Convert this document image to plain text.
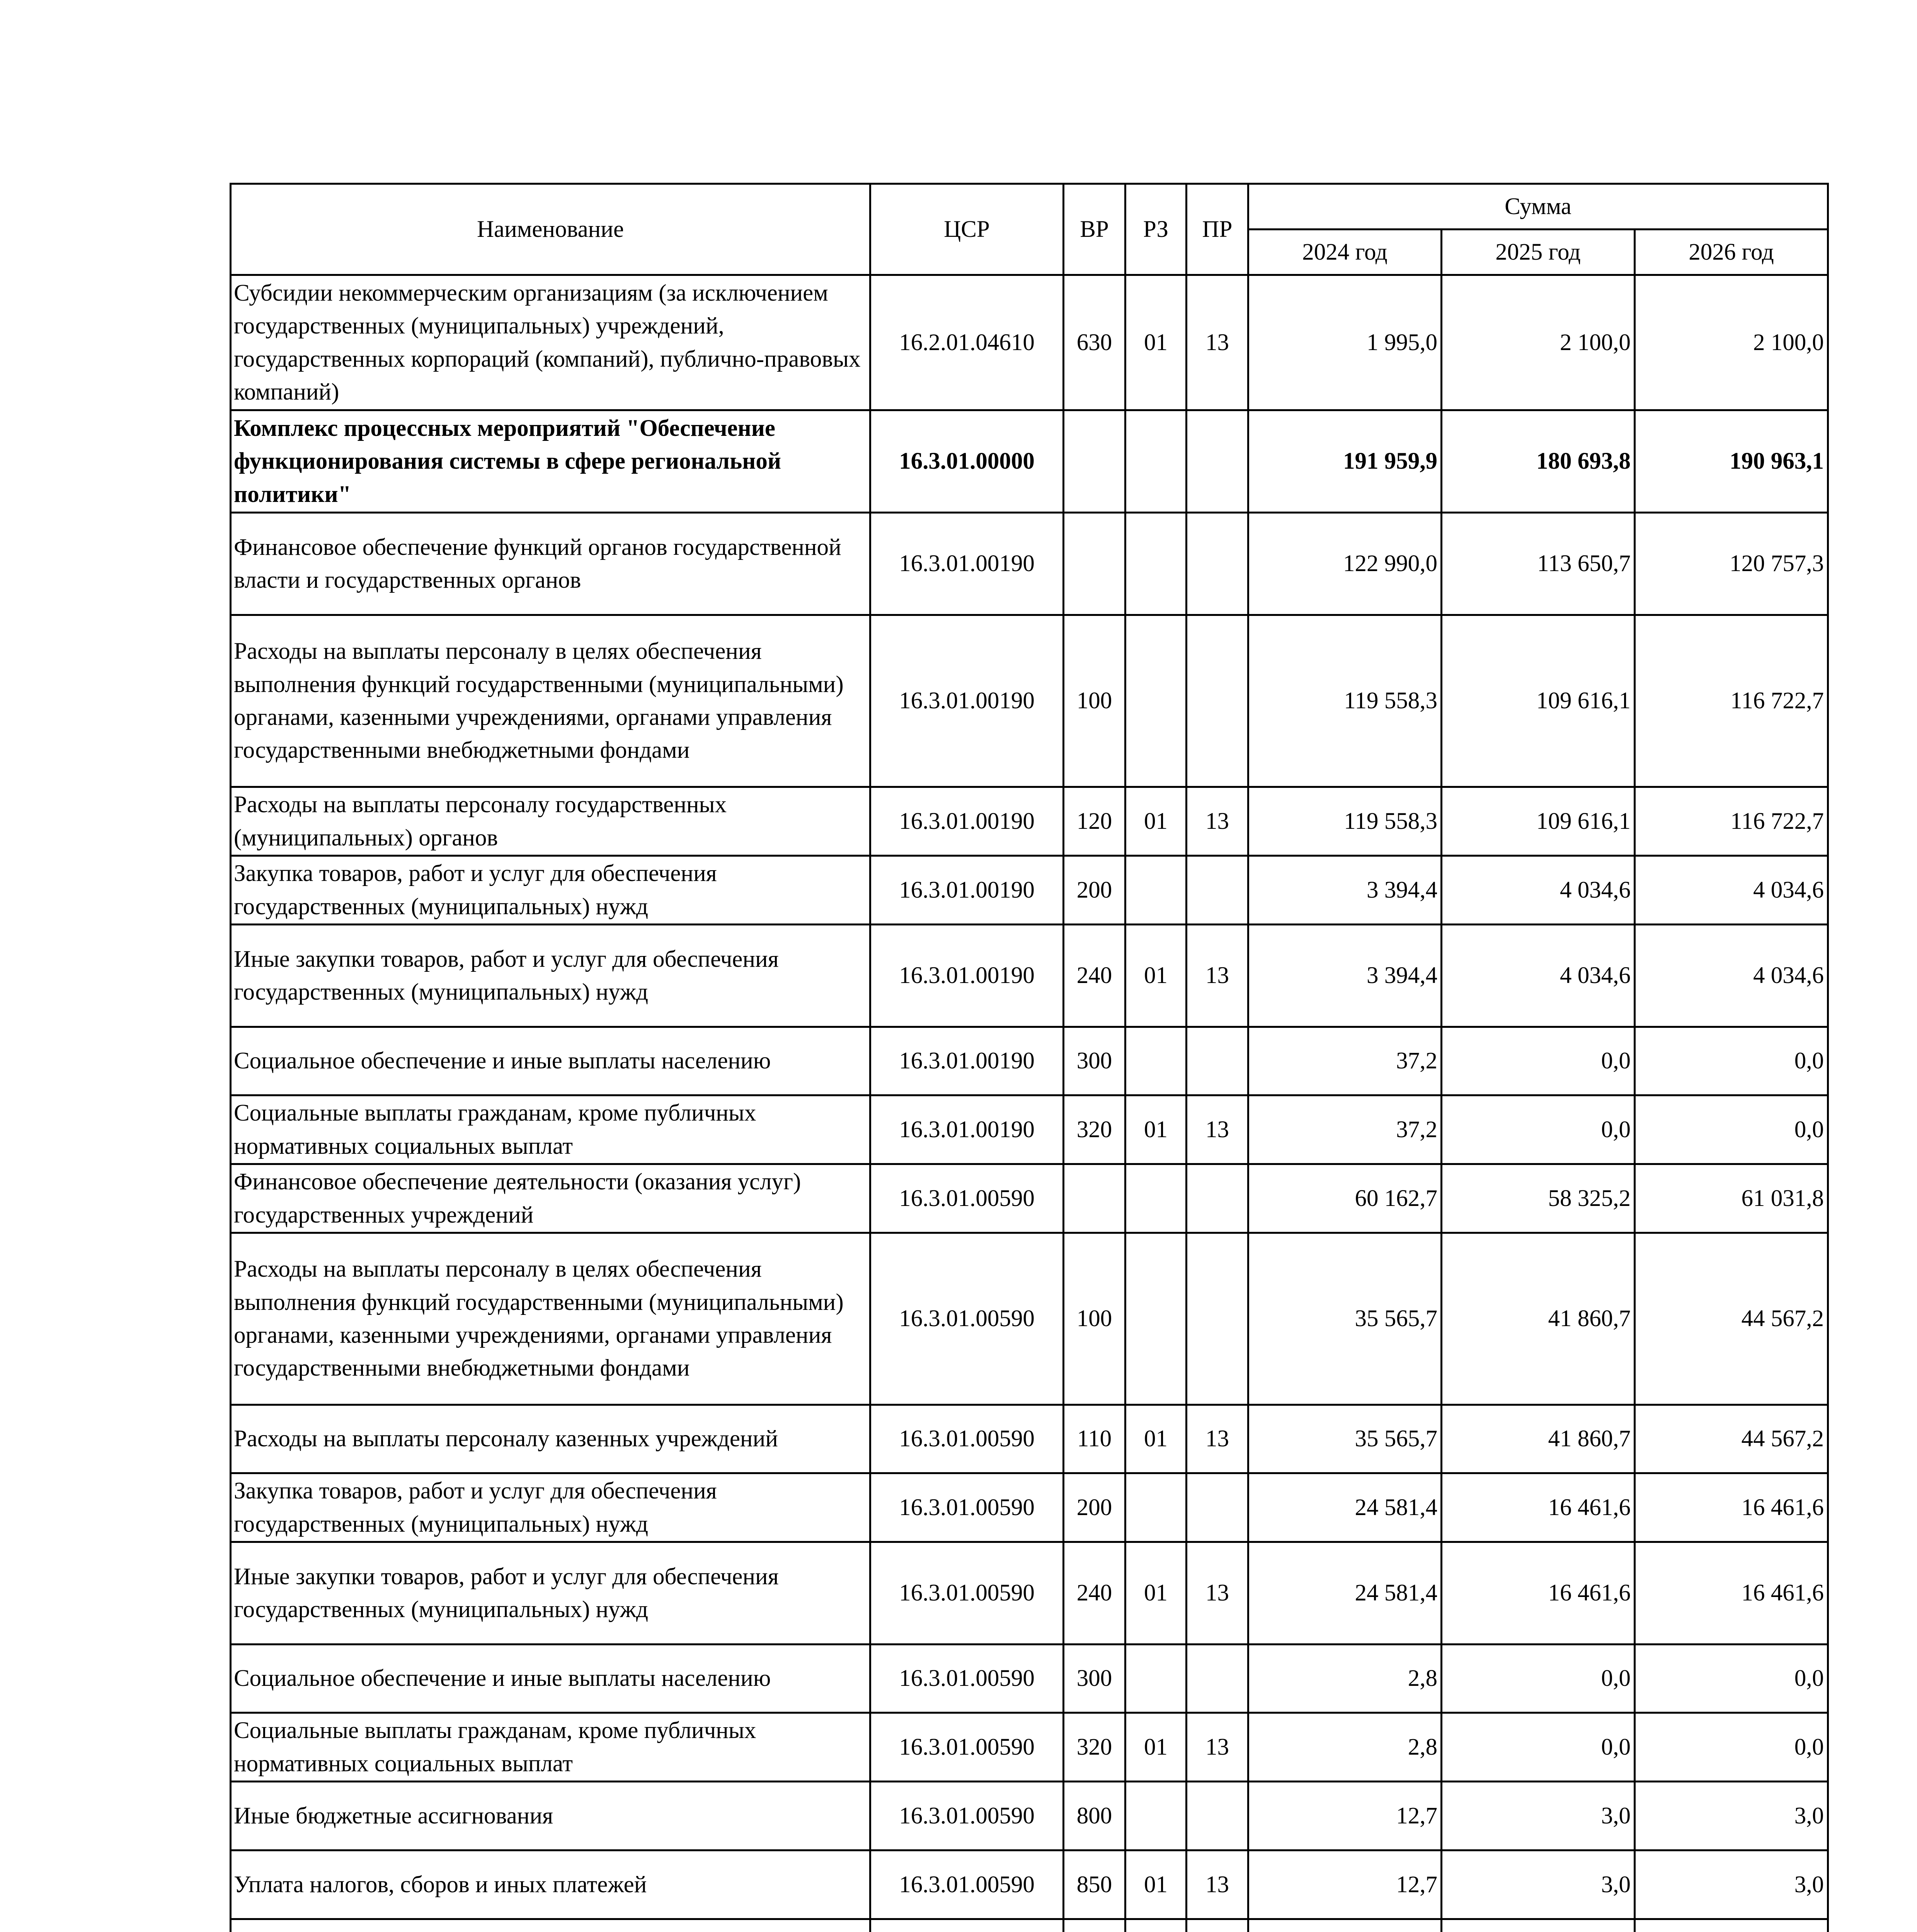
Наименование	ЦСР	ВР	РЗ	ПР	Сумма		
					2024 год	2025 год	2026 год
Субсидии некоммерческим организациям (за исключением государственных (муниципальных) учреждений, государственных корпораций (компаний), публично-правовых компаний)	16.2.01.04610	630	01	13	1 995,0	2 100,0	2 100,0
Комплекс процессных мероприятий "Обеспечение функционирования системы в сфере региональной политики"	16.3.01.00000				191 959,9	180 693,8	190 963,1
Финансовое обеспечение функций органов государственной власти и государственных органов	16.3.01.00190				122 990,0	113 650,7	120 757,3
Расходы на выплаты персоналу в целях обеспечения выполнения функций государственными (муниципальными) органами, казенными учреждениями, органами управления государственными внебюджетными фондами	16.3.01.00190	100			119 558,3	109 616,1	116 722,7
Расходы на выплаты персоналу государственных (муниципальных) органов	16.3.01.00190	120	01	13	119 558,3	109 616,1	116 722,7
Закупка товаров, работ и услуг для обеспечения государственных (муниципальных) нужд	16.3.01.00190	200			3 394,4	4 034,6	4 034,6
Иные закупки товаров, работ и услуг для обеспечения государственных (муниципальных) нужд	16.3.01.00190	240	01	13	3 394,4	4 034,6	4 034,6
Социальное обеспечение и иные выплаты населению	16.3.01.00190	300			37,2	0,0	0,0
Социальные выплаты гражданам, кроме публичных нормативных социальных выплат	16.3.01.00190	320	01	13	37,2	0,0	0,0
Финансовое обеспечение деятельности (оказания услуг) государственных учреждений	16.3.01.00590				60 162,7	58 325,2	61 031,8
Расходы на выплаты персоналу в целях обеспечения выполнения функций государственными (муниципальными) органами, казенными учреждениями, органами управления государственными внебюджетными фондами	16.3.01.00590	100			35 565,7	41 860,7	44 567,2
Расходы на выплаты персоналу казенных учреждений	16.3.01.00590	110	01	13	35 565,7	41 860,7	44 567,2
Закупка товаров, работ и услуг для обеспечения государственных (муниципальных) нужд	16.3.01.00590	200			24 581,4	16 461,6	16 461,6
Иные закупки товаров, работ и услуг для обеспечения государственных (муниципальных) нужд	16.3.01.00590	240	01	13	24 581,4	16 461,6	16 461,6
Социальное обеспечение и иные выплаты населению	16.3.01.00590	300			2,8	0,0	0,0
Социальные выплаты гражданам, кроме публичных нормативных социальных выплат	16.3.01.00590	320	01	13	2,8	0,0	0,0
Иные бюджетные ассигнования	16.3.01.00590	800			12,7	3,0	3,0
Уплата налогов, сборов и иных платежей	16.3.01.00590	850	01	13	12,7	3,0	3,0
